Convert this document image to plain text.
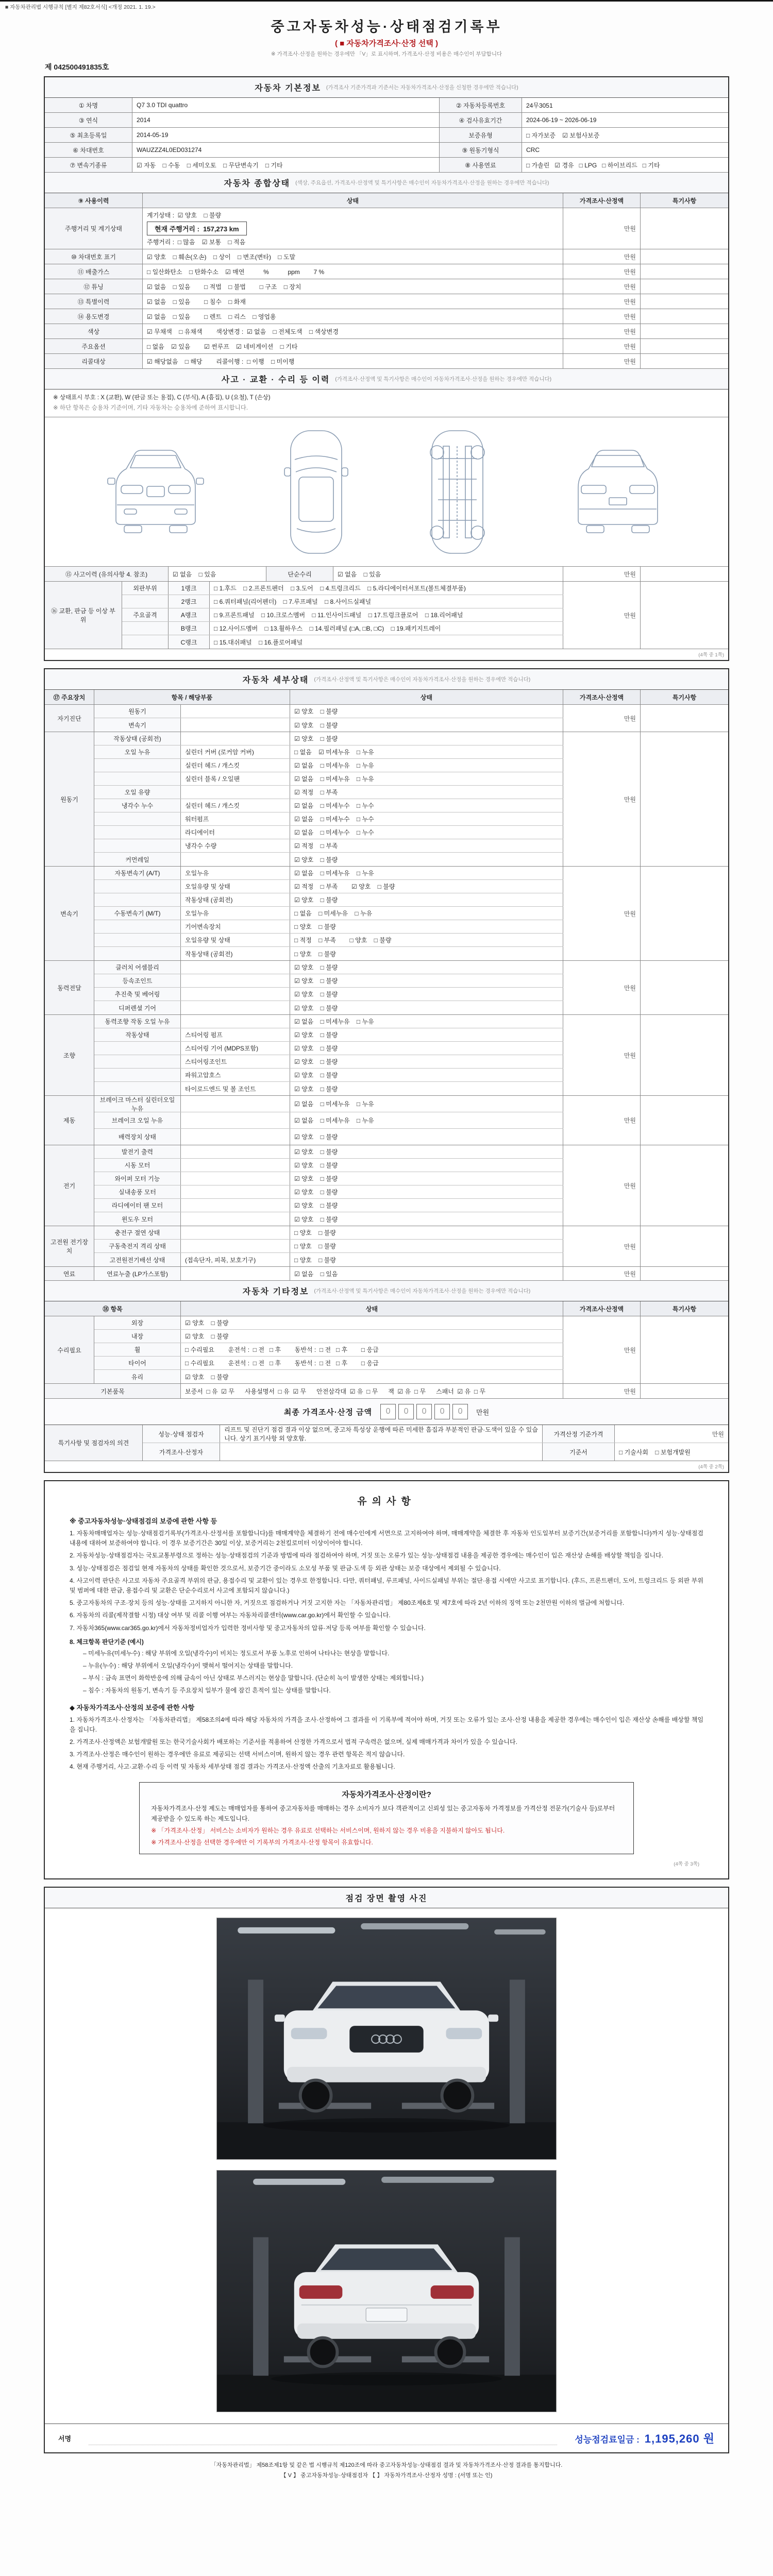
■ 자동차관리법 시행규칙 [별지 제82호서식] <개정 2021. 1. 19.>
중고자동차성능·상태점검기록부
( ■ 자동차가격조사·산정 선택 )
※ 가격조사·산정을 원하는 경우에만 「V」로 표시하며, 가격조사·산정 비용은 매수인이 부담합니다
제 042500491835호
자동차 기본정보 (가격조사 기준가격과 기준서는 자동차가격조사·산정을 신청한 경우에만 적습니다)
① 차명	Q7 3.0 TDI quattro	② 자동차등록번호	24무3051
③ 연식	2014	④ 검사유효기간	2024-06-19 ~ 2026-06-19
⑤ 최초등록일	2014-05-19	보증유형	□ 자가보증    ☑ 보험사보증
⑥ 차대번호	WAUZZZ4L0ED031274	⑨ 원동기형식	CRC
⑦ 변속기종류	☑ 자동    □ 수동    □ 세미오토    □ 무단변속기    □ 기타	⑧ 사용연료	□ 가솔린   ☑ 경유   □ LPG   □ 하이브리드   □ 기타
자동차 종합상태 (색상, 주요옵션, 가격조사·산정액 및 특기사항은 매수인이 자동차가격조사·산정을 원하는 경우에만 적습니다)
⑨ 사용이력	상태	가격조사·산정액	특기사항
주행거리 및 계기상태
계기상태 :  ☑ 양호    □ 불량
현재 주행거리 :  157,273 km
주행거리 :  □ 많음    ☑ 보통    □ 적음
만원
⑩ 차대번호 표기	☑ 양호    □ 훼손(오손)    □ 상이    □ 변조(변타)    □ 도말	만원
⑪ 배출가스	□ 일산화탄소    □ 탄화수소    ☑ 매연           %           ppm        7 %	만원
⑫ 튜닝	☑ 없음    □ 있음        □ 적법    □ 불법        □ 구조    □ 장치	만원
⑬ 특별이력	☑ 없음    □ 있음        □ 침수    □ 화재	만원
⑭ 용도변경	☑ 없음    □ 있음        □ 렌트    □ 리스    □ 영업용	만원
색상	☑ 무채색    □ 유채색        색상변경 :  ☑ 없음    □ 전체도색    □ 색상변경	만원
주요옵션	□ 없음    ☑ 있음        ☑ 썬루프    ☑ 네비게이션    □ 기타	만원
리콜대상	☑ 해당없음    □ 해당        리콜이행 :  □ 이행    □ 미이행	만원
사고 · 교환 · 수리 등 이력 (가격조사·산정액 및 특기사항은 매수인이 자동차가격조사·산정을 원하는 경우에만 적습니다)
※ 상태표시 부호 : X (교환), W (판금 또는 용접), C (부식), A (흠집), U (요철), T (손상)
※ 하단 항목은 승용차 기준이며, 기타 자동차는 승용차에 준하여 표시합니다.
⑮ 사고이력 (유의사항 4. 참조)	☑ 없음    □ 있음	단순수리	☑ 없음    □ 있음	만원
⑯ 교환, 판금 등 이상 부위
외판부위	1랭크	□ 1.후드    □ 2.프론트펜더    □ 3.도어    □ 4.트렁크리드    □ 5.라디에이터서포트(볼트체결부품)
2랭크	□ 6.쿼터패널(리어펜더)    □ 7.루프패널    □ 8.사이드실패널
주요골격	A랭크	□ 9.프론트패널    □ 10.크로스멤버    □ 11.인사이드패널    □ 17.트렁크플로어    □ 18.리어패널
B랭크	□ 12.사이드멤버    □ 13.휠하우스    □ 14.필러패널 (□A, □B, □C)    □ 19.패키지트레이
C랭크	□ 15.대쉬패널    □ 16.플로어패널
만원
(4쪽 중 1쪽)
자동차 세부상태 (가격조사·산정액 및 특기사항은 매수인이 자동차가격조사·산정을 원하는 경우에만 적습니다)
⑰ 주요장치	항목 / 해당부품	상태	가격조사·산정액	특기사항
자기진단
원동기	☑ 양호    □ 불량
변속기	☑ 양호    □ 불량
만원
원동기
작동상태 (공회전)	☑ 양호    □ 불량
오일 누유	실린더 커버 (로커암 커버)	□ 없음    ☑ 미세누유    □ 누유
실린더 헤드 / 개스킷	☑ 없음    □ 미세누유    □ 누유
실린더 블록 / 오일팬	☑ 없음    □ 미세누유    □ 누유
오일 유량	☑ 적정    □ 부족
냉각수 누수	실린더 헤드 / 개스킷	☑ 없음    □ 미세누수    □ 누수
워터펌프	☑ 없음    □ 미세누수    □ 누수
라디에이터	☑ 없음    □ 미세누수    □ 누수
냉각수 수량	☑ 적정    □ 부족
커먼레일	☑ 양호    □ 불량
만원
변속기
자동변속기 (A/T)	오일누유	☑ 없음    □ 미세누유    □ 누유
오일유량 및 상태	☑ 적정    □ 부족        ☑ 양호    □ 불량
작동상태 (공회전)	☑ 양호    □ 불량
수동변속기 (M/T)	오일누유	□ 없음    □ 미세누유    □ 누유
기어변속장치	□ 양호    □ 불량
오일유량 및 상태	□ 적정    □ 부족        □ 양호    □ 불량
작동상태 (공회전)	□ 양호    □ 불량
만원
동력전달
클러치 어셈블리	☑ 양호    □ 불량
등속조인트	☑ 양호    □ 불량
추진축 및 베어링	☑ 양호    □ 불량
디퍼렌셜 기어	☑ 양호    □ 불량
만원
조향
동력조향 작동 오일 누유	☑ 없음    □ 미세누유    □ 누유
작동상태	스티어링 펌프	☑ 양호    □ 불량
스티어링 기어 (MDPS포함)	☑ 양호    □ 불량
스티어링조인트	☑ 양호    □ 불량
파워고압호스	☑ 양호    □ 불량
타이로드엔드 및 볼 조인트	☑ 양호    □ 불량
만원
제동
브레이크 마스터 실린더오일 누유
☑ 없음    □ 미세누유    □ 누유
브레이크 오일 누유	☑ 없음    □ 미세누유    □ 누유
배력장치 상태	☑ 양호    □ 불량
만원
전기
발전기 출력	☑ 양호    □ 불량
시동 모터	☑ 양호    □ 불량
와이퍼 모터 기능	☑ 양호    □ 불량
실내송풍 모터	☑ 양호    □ 불량
라디에이터 팬 모터	☑ 양호    □ 불량
윈도우 모터	☑ 양호    □ 불량
만원
고전원 전기장치
충전구 절연 상태	□ 양호    □ 불량
구동축전지 격리 상태	□ 양호    □ 불량
고전원전기배선 상태	(접속단자, 피복, 보호기구)	□ 양호    □ 불량
만원
연료	연료누출 (LP가스포함)	☑ 없음    □ 있음	만원
자동차 기타정보 (가격조사·산정액 및 특기사항은 매수인이 자동차가격조사·산정을 원하는 경우에만 적습니다)
⑱ 항목	상태	가격조사·산정액	특기사항
수리필요
외장	☑ 양호    □ 불량
내장	☑ 양호    □ 불량
휠	□ 수리필요        운전석 :  □ 전   □ 후        동반석 :  □ 전   □ 후        □ 응급
타이어	□ 수리필요        운전석 :  □ 전   □ 후        동반석 :  □ 전   □ 후        □ 응급
유리	☑ 양호    □ 불량
만원
기본품목	보증서  □ 유  ☑ 무      사용설명서  □ 유  ☑ 무      안전삼각대  ☑ 유  □ 무      잭  ☑ 유  □ 무      스패너  ☑ 유  □ 무	만원
최종 가격조사·산정 금액	0	0	0	0	0	만원
특기사항 및 점검자의 의견
성능·상태 점검자
리프트 및 진단기 점검 결과 이상 없으며, 중고차 특성상 운행에 따른 미세한 흠집과 부분적인 판금·도색이 있을 수 있습니다. 상기 표기사항 외 양호함.
가격산정 기준가격	만원
가격조사·산정자	기준서	□ 기술사회    □ 보험개발원
(4쪽 중 2쪽)
유의사항
※ 중고자동차성능·상태점검의 보증에 관한 사항 등

1. 자동차매매업자는 성능·상태점검기록부(가격조사·산정서를 포함합니다)를 매매계약을 체결하기 전에 매수인에게 서면으로 고지하여야 하며, 매매계약을 체결한 후 자동차 인도일부터 보증기간(보증거리를 포함합니다)까지 성능·상태점검 내용에 대하여 보증하여야 합니다. 이 경우 보증기간은 30일 이상, 보증거리는 2천킬로미터 이상이어야 합니다.

2. 자동차성능·상태점검자는 국토교통부령으로 정하는 성능·상태점검의 기준과 방법에 따라 점검하여야 하며, 거짓 또는 오류가 있는 성능·상태점검 내용을 제공한 경우에는 매수인이 입은 재산상 손해를 배상할 책임을 집니다.

3. 성능·상태점검은 점검일 현재 자동차의 상태를 확인한 것으로서, 보증기간 중이라도 소모성 부품 및 판금·도색 등 외관 상태는 보증 대상에서 제외될 수 있습니다.

4. 사고이력 판단은 사고로 자동차 주요골격 부위의 판금, 용접수리 및 교환이 있는 경우로 한정합니다. 다만, 쿼터패널, 루프패널, 사이드실패널 부위는 절단·용접 시에만 사고로 표기합니다. (후드, 프론트펜더, 도어, 트렁크리드 등 외판 부위 및 범퍼에 대한 판금, 용접수리 및 교환은 단순수리로서 사고에 포함되지 않습니다.)

5. 중고자동차의 구조·장치 등의 성능·상태를 고지하지 아니한 자, 거짓으로 점검하거나 거짓 고지한 자는 「자동차관리법」 제80조제6호 및 제7호에 따라 2년 이하의 징역 또는 2천만원 이하의 벌금에 처합니다.

6. 자동차의 리콜(제작결함 시정) 대상 여부 및 리콜 이행 여부는 자동차리콜센터(www.car.go.kr)에서 확인할 수 있습니다.

7. 자동차365(www.car365.go.kr)에서 자동차정비업자가 입력한 정비사항 및 중고자동차의 압류·저당 등록 여부를 확인할 수 있습니다.

8. 체크항목 판단기준 (예시)

– 미세누유(미세누수) : 해당 부위에 오일(냉각수)이 비치는 정도로서 부품 노후로 인하여 나타나는 현상을 말합니다.

– 누유(누수) : 해당 부위에서 오일(냉각수)이 맺혀서 떨어지는 상태를 말합니다.

– 부식 : 금속 표면이 화학반응에 의해 금속이 아닌 상태로 부스러지는 현상을 말합니다. (단순히 녹이 발생한 상태는 제외합니다.)

– 침수 : 자동차의 원동기, 변속기 등 주요장치 일부가 물에 잠긴 흔적이 있는 상태를 말합니다.

◆ 자동차가격조사·산정의 보증에 관한 사항

1. 자동차가격조사·산정자는 「자동차관리법」 제58조의4에 따라 해당 자동차의 가격을 조사·산정하여 그 결과를 이 기록부에 적어야 하며, 거짓 또는 오류가 있는 조사·산정 내용을 제공한 경우에는 매수인이 입은 재산상 손해를 배상할 책임을 집니다.

2. 가격조사·산정액은 보험개발원 또는 한국기술사회가 배포하는 기준서를 적용하여 산정한 가격으로서 법적 구속력은 없으며, 실제 매매가격과 차이가 있을 수 있습니다.

3. 가격조사·산정은 매수인이 원하는 경우에만 유료로 제공되는 선택 서비스이며, 원하지 않는 경우 관련 항목은 적지 않습니다.

4. 현재 주행거리, 사고·교환·수리 등 이력 및 자동차 세부상태 점검 결과는 가격조사·산정액 산출의 기초자료로 활용됩니다.

자동차가격조사·산정이란?

자동차가격조사·산정 제도는 매매업자를 통하여 중고자동차를 매매하는 경우 소비자가 보다 객관적이고 신뢰성 있는 중고자동차 가격정보를 가격산정 전문가(기술사 등)로부터 제공받을 수 있도록 하는 제도입니다.

※ 「가격조사·산정」 서비스는 소비자가 원하는 경우 유료로 선택하는 서비스이며, 원하지 않는 경우 비용을 지불하지 않아도 됩니다.

※ 가격조사·산정을 선택한 경우에만 이 기록부의 가격조사·산정 항목이 유효합니다.

(4쪽 중 3쪽)
점검 장면 촬영 사진
서명	성능점검료일금 : 1,195,260 원

「자동차관리법」 제58조제1항 및 같은 법 시행규칙 제120조에 따라 중고자동차성능·상태점검 결과 및 자동차가격조사·산정 결과를 통지합니다.

【 V 】 중고자동차성능·상태점검자 【 】 자동차가격조사·산정자 성명 : (서명 또는 인)
